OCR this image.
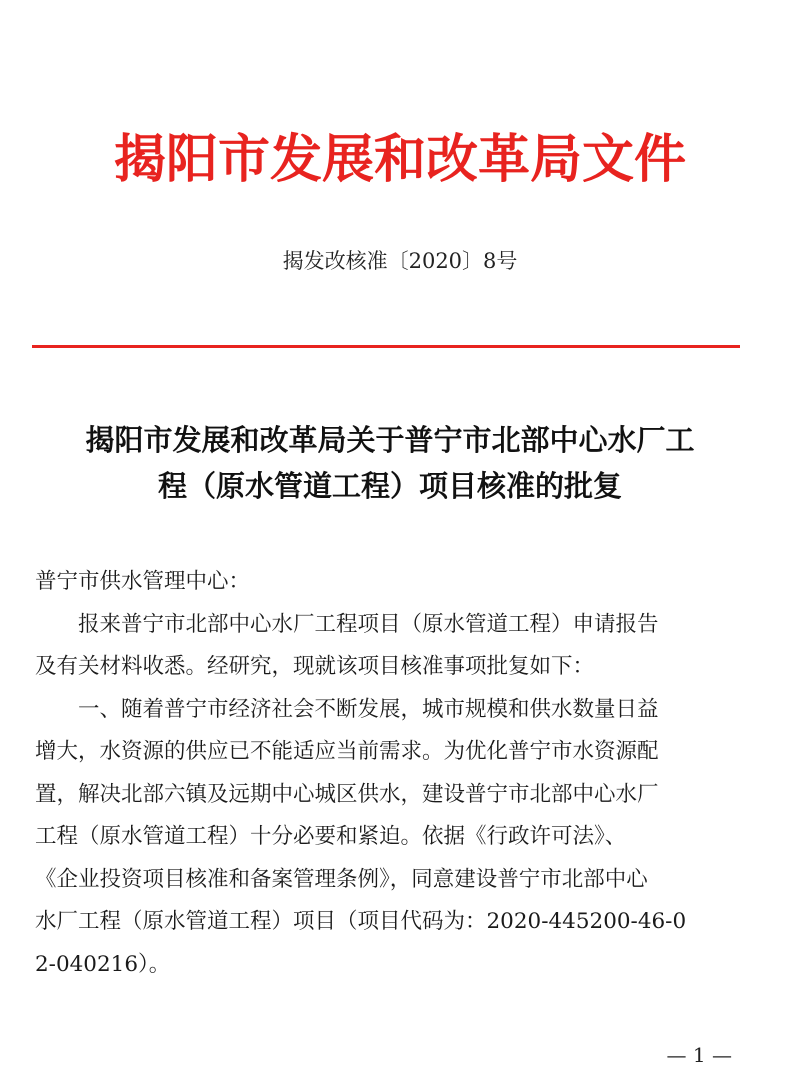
揭阳市发展和改革局文件
揭发改核准〔2020〕8号
揭阳市发展和改革局关于普宁市北部中心水厂工
程（原水管道工程）项目核准的批复
普宁市供水管理中心：
报来普宁市北部中心水厂工程项目（原水管道工程）申请报告
及有关材料收悉。经研究，现就该项目核准事项批复如下：
一、随着普宁市经济社会不断发展，城市规模和供水数量日益
增大，水资源的供应已不能适应当前需求。为优化普宁市水资源配
置，解决北部六镇及远期中心城区供水，建设普宁市北部中心水厂
工程（原水管道工程）十分必要和紧迫。依据《行政许可法》、
《企业投资项目核准和备案管理条例》，同意建设普宁市北部中心
水厂工程（原水管道工程）项目（项目代码为：2020-445200-46-0
2-040216）。
— 1 —
